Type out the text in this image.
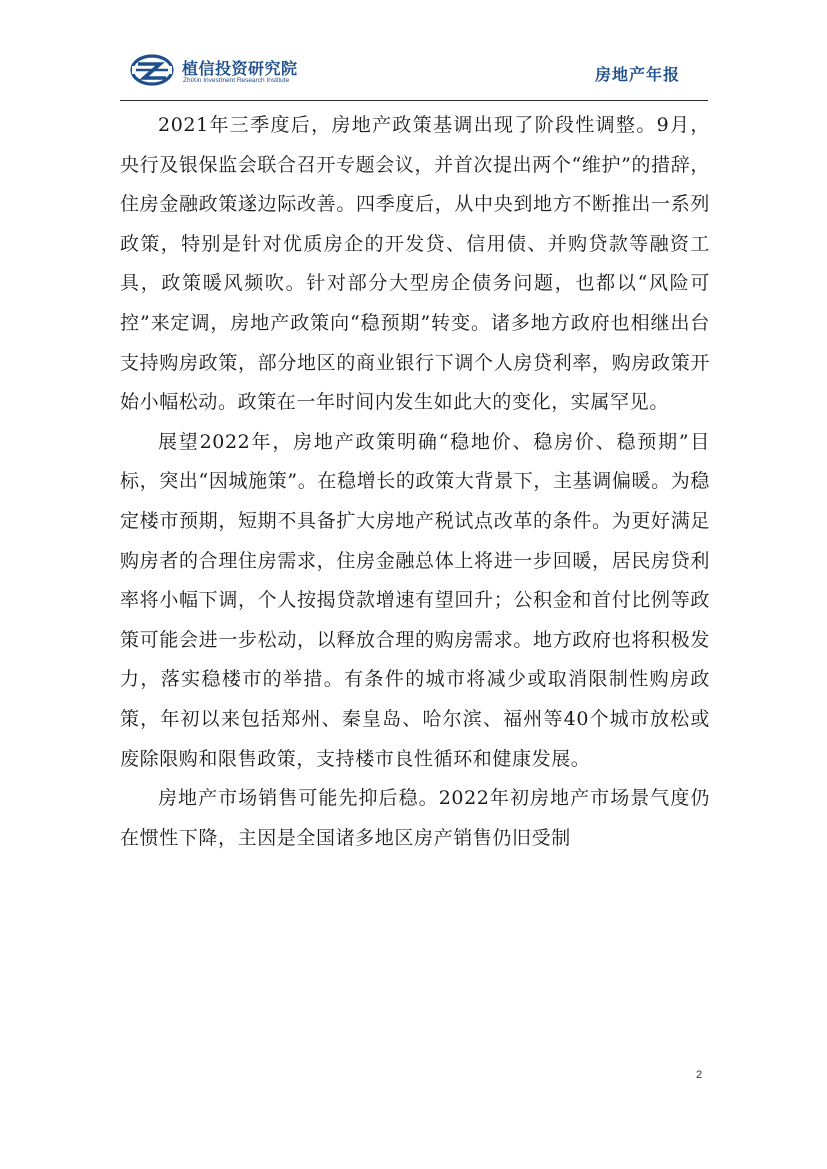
植信投资研究院
ZhiXin Investment Research Institute	房地产年报

2021年三季度后，房地产政策基调出现了阶段性调整。9月，央行及银保监会联合召开专题会议，并首次提出两个“维护”的措辞，住房金融政策遂边际改善。四季度后，从中央到地方不断推出一系列政策，特别是针对优质房企的开发贷、信用债、并购贷款等融资工具，政策暖风频吹。针对部分大型房企债务问题，也都以“风险可控”来定调，房地产政策向“稳预期”转变。诸多地方政府也相继出台支持购房政策，部分地区的商业银行下调个人房贷利率，购房政策开始小幅松动。政策在一年时间内发生如此大的变化，实属罕见。

展望2022年，房地产政策明确“稳地价、稳房价、稳预期”目标，突出“因城施策”。在稳增长的政策大背景下，主基调偏暖。为稳定楼市预期，短期不具备扩大房地产税试点改革的条件。为更好满足购房者的合理住房需求，住房金融总体上将进一步回暖，居民房贷利率将小幅下调，个人按揭贷款增速有望回升；公积金和首付比例等政策可能会进一步松动，以释放合理的购房需求。地方政府也将积极发力，落实稳楼市的举措。有条件的城市将减少或取消限制性购房政策，年初以来包括郑州、秦皇岛、哈尔滨、福州等40个城市放松或废除限购和限售政策，支持楼市良性循环和健康发展。

房地产市场销售可能先抑后稳。2022年初房地产市场景气度仍在惯性下降，主因是全国诸多地区房产销售仍旧受制

2
